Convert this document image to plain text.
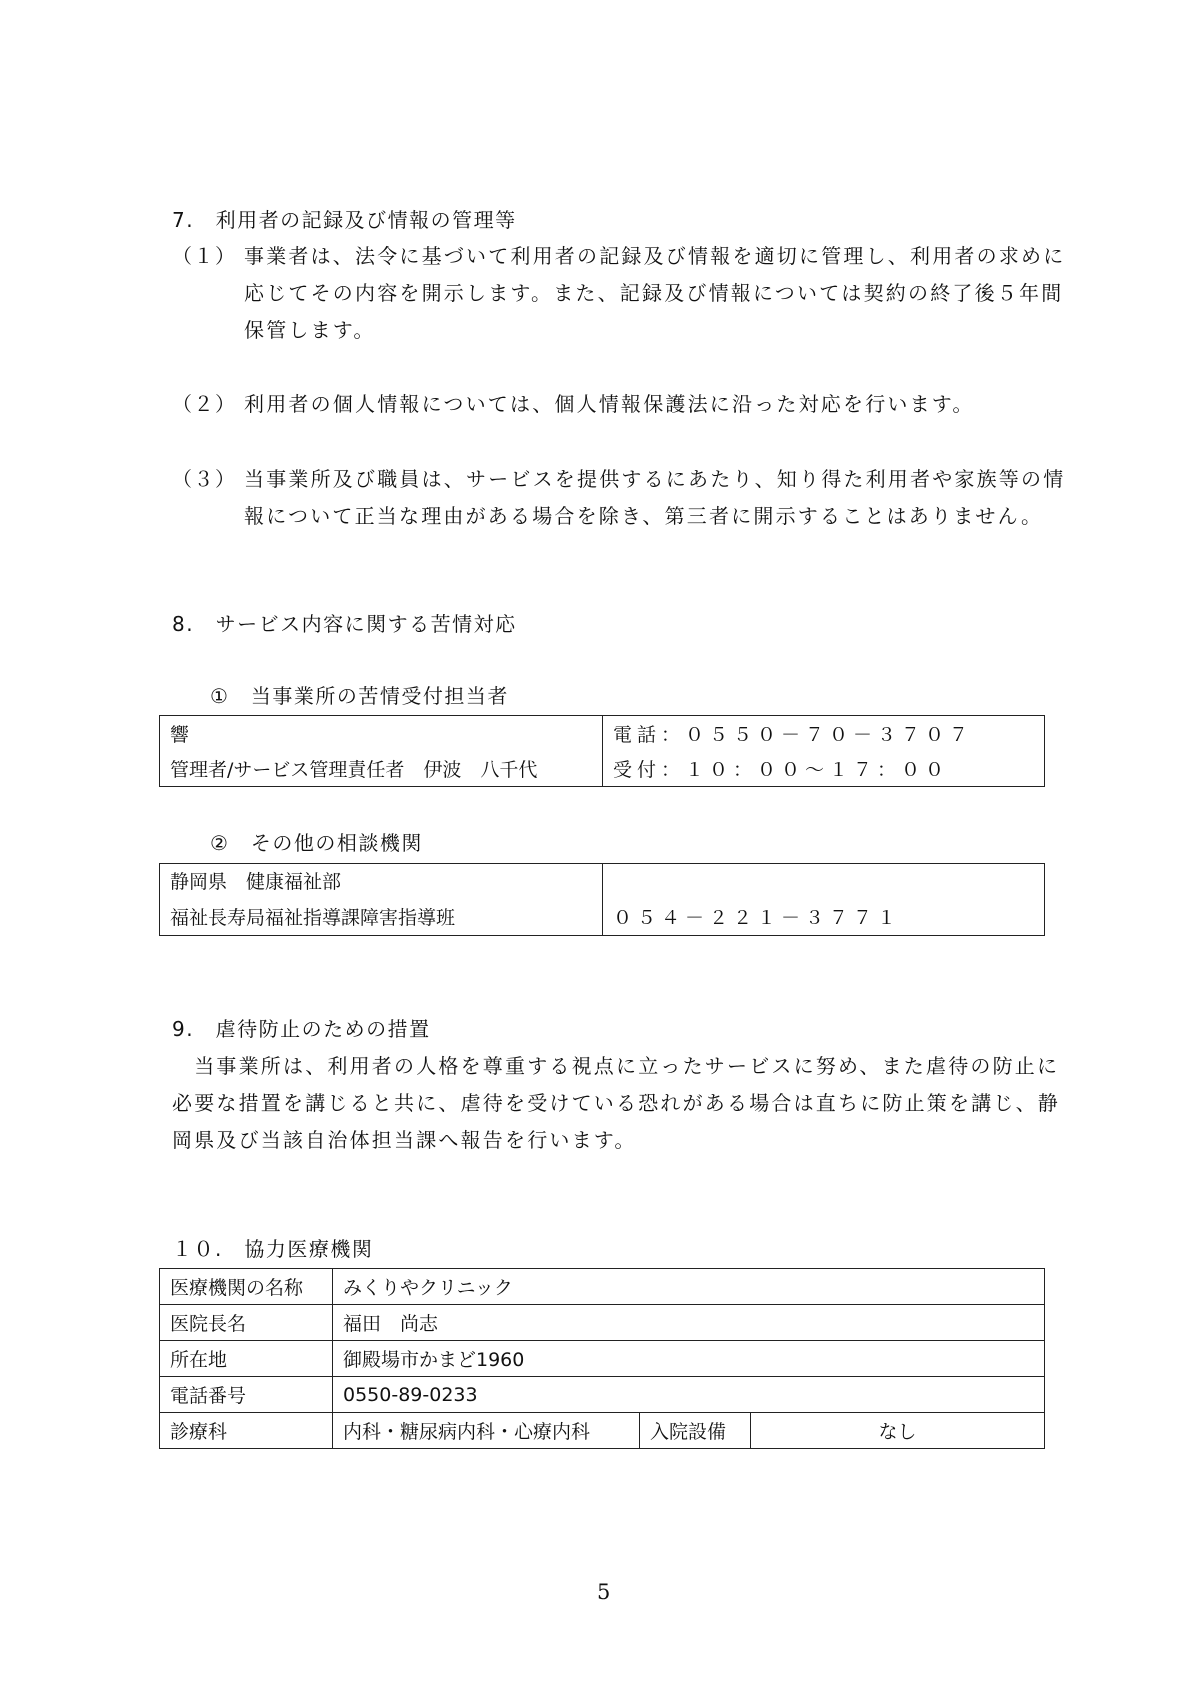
7.　利用者の記録及び情報の管理等
（１） 事業者は、法令に基づいて利用者の記録及び情報を適切に管理し、利用者の求めに
応じてその内容を開示します。また、記録及び情報については契約の終了後５年間
保管します。
（２） 利用者の個人情報については、個人情報保護法に沿った対応を行います。
（３） 当事業所及び職員は、サービスを提供するにあたり、知り得た利用者や家族等の情
報について正当な理由がある場合を除き、第三者に開示することはありません。
8.　サービス内容に関する苦情対応
①　当事業所の苦情受付担当者
響	電話：０５５０－７０－３７０７
管理者/サービス管理責任者　伊波　八千代	受付：１０：００～１７：００
②　その他の相談機関
静岡県　健康福祉部	
福祉長寿局福祉指導課障害指導班	０５４－２２１－３７７１
9.　虐待防止のための措置
　当事業所は、利用者の人格を尊重する視点に立ったサービスに努め、また虐待の防止に
必要な措置を講じると共に、虐待を受けている恐れがある場合は直ちに防止策を講じ、静
岡県及び当該自治体担当課へ報告を行います。
１０.　協力医療機関
医療機関の名称	みくりやクリニック		
医院長名	福田　尚志		
所在地	御殿場市かまど1960		
電話番号	0550-89-0233		
診療科	内科・糖尿病内科・心療内科	入院設備	なし
5
